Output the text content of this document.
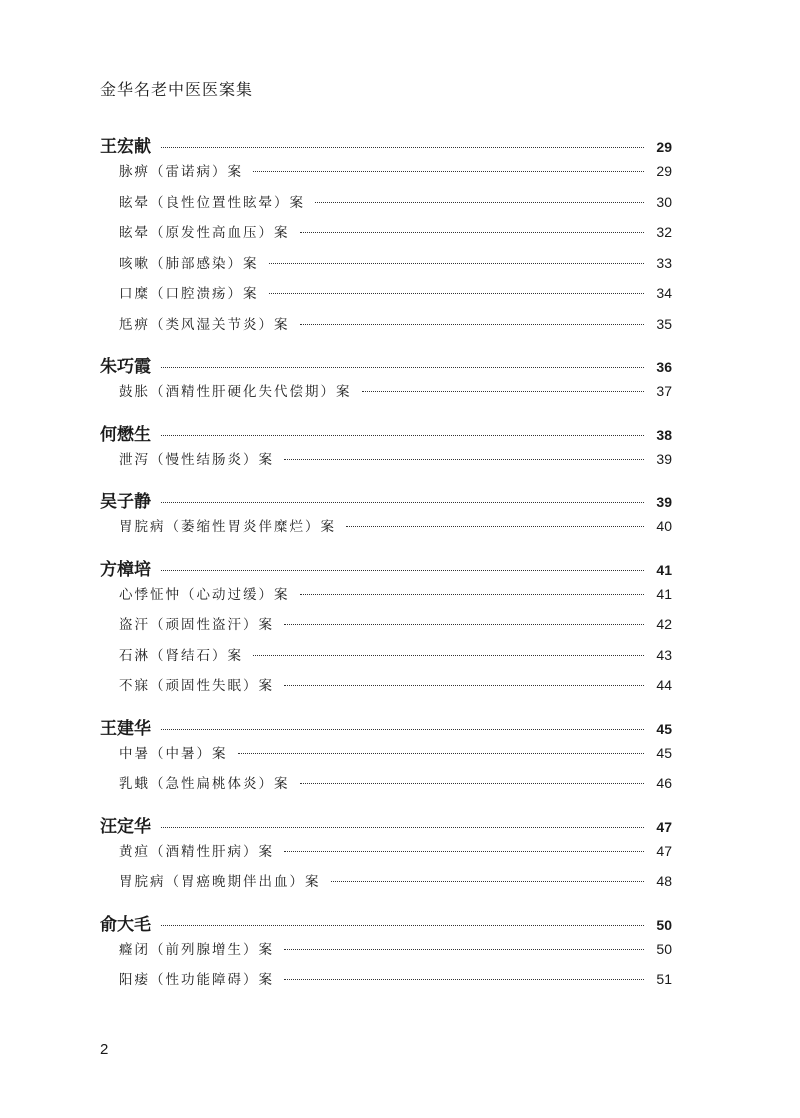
金华名老中医医案集
王宏献	29
脉痹（雷诺病）案	29
眩晕（良性位置性眩晕）案	30
眩晕（原发性高血压）案	32
咳嗽（肺部感染）案	33
口糜（口腔溃疡）案	34
尪痹（类风湿关节炎）案	35
朱巧霞	36
鼓胀（酒精性肝硬化失代偿期）案	37
何懋生	38
泄泻（慢性结肠炎）案	39
吴子静	39
胃脘病（萎缩性胃炎伴糜烂）案	40
方樟培	41
心悸怔忡（心动过缓）案	41
盗汗（顽固性盗汗）案	42
石淋（肾结石）案	43
不寐（顽固性失眠）案	44
王建华	45
中暑（中暑）案	45
乳蛾（急性扁桃体炎）案	46
汪定华	47
黄疸（酒精性肝病）案	47
胃脘病（胃癌晚期伴出血）案	48
俞大毛	50
癃闭（前列腺增生）案	50
阳痿（性功能障碍）案	51
2
